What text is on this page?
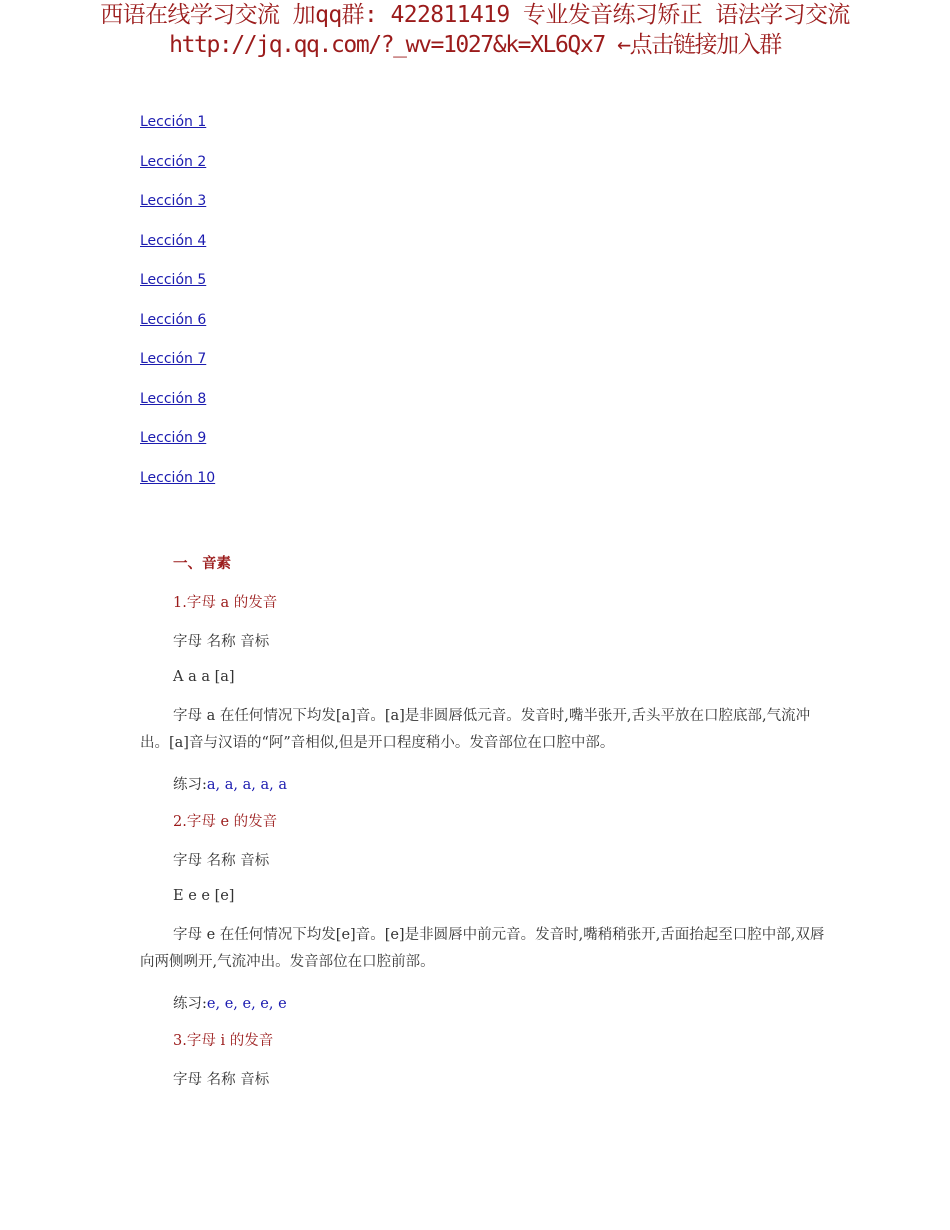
西语在线学习交流 加qq群: 422811419 专业发音练习矫正 语法学习交流
http://jq.qq.com/?_wv=1027&k=XL6Qx7 ←点击链接加入群
Lección 1
Lección 2
Lección 3
Lección 4
Lección 5
Lección 6
Lección 7
Lección 8
Lección 9
Lección 10
一、音素
1.字母 a 的发音
字母 名称 音标
A a a [a]
字母 a 在任何情况下均发[a]音。[a]是非圆唇低元音。发音时,嘴半张开,舌头平放在口腔底部,气流冲出。[a]音与汉语的“阿”音相似,但是开口程度稍小。发音部位在口腔中部。
练习:a, a, a, a, a
2.字母 e 的发音
字母 名称 音标
E e e [e]
字母 e 在任何情况下均发[e]音。[e]是非圆唇中前元音。发音时,嘴稍稍张开,舌面抬起至口腔中部,双唇向两侧咧开,气流冲出。发音部位在口腔前部。
练习:e, e, e, e, e
3.字母 i 的发音
字母 名称 音标
